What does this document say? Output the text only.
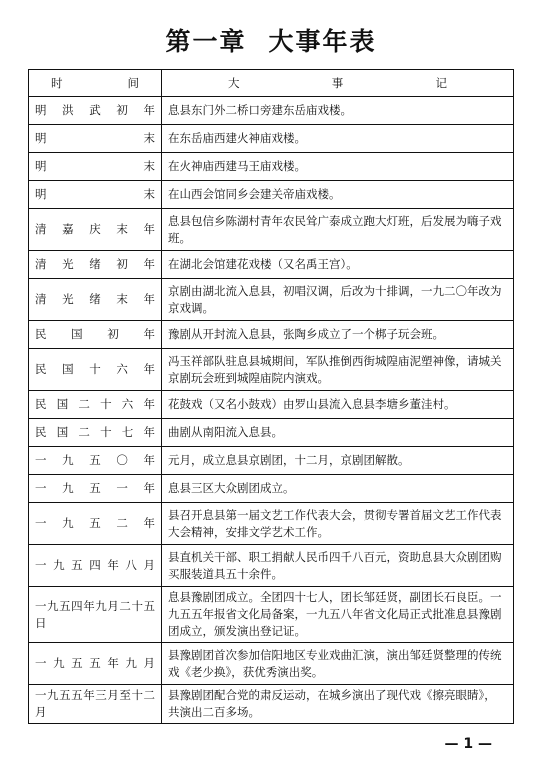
第一章 大事年表
时间	大 事 记

明洪武初年	息县东门外二桥口旁建东岳庙戏楼。
明末	在东岳庙西建火神庙戏楼。
明末	在火神庙西建马王庙戏楼。
明末	在山西会馆同乡会建关帝庙戏楼。
清嘉庆末年	息县包信乡陈湖村青年农民耸广泰成立跑大灯班，后发展为嗨子戏班。
清光绪初年	在湖北会馆建花戏楼（又名禹王宫）。
清光绪末年	京剧由湖北流入息县，初唱汉调，后改为十排调，一九二〇年改为京戏调。
民国初年	豫剧从开封流入息县，张陶乡成立了一个梆子玩会班。
民国十六年	冯玉祥部队驻息县城期间，军队推倒西街城隍庙泥塑神像，请城关京剧玩会班到城隍庙院内演戏。
民国二十六年	花鼓戏（又名小鼓戏）由罗山县流入息县李塘乡董洼村。
民国二十七年	曲剧从南阳流入息县。
一九五〇年	元月，成立息县京剧团，十二月，京剧团解散。
一九五一年	息县三区大众剧团成立。
一九五二年	县召开息县第一届文艺工作代表大会，贯彻专署首届文艺工作代表大会精神，安排文学艺术工作。
一九五四年八月	县直机关干部、职工捐献人民币四千八百元，资助息县大众剧团购买服装道具五十余件。
一九五四年九月二十五日	息县豫剧团成立。全团四十七人，团长邹廷贤，副团长石良臣。一九五五年报省文化局备案，一九五八年省文化局正式批准息县豫剧团成立，颁发演出登记证。
一九五五年九月	县豫剧团首次参加信阳地区专业戏曲汇演，演出邹廷贤整理的传统戏《老少换》，获优秀演出奖。
一九五五年三月至十二月	县豫剧团配合党的肃反运动，在城乡演出了现代戏《擦亮眼睛》，共演出二百多场。
— 1 —
